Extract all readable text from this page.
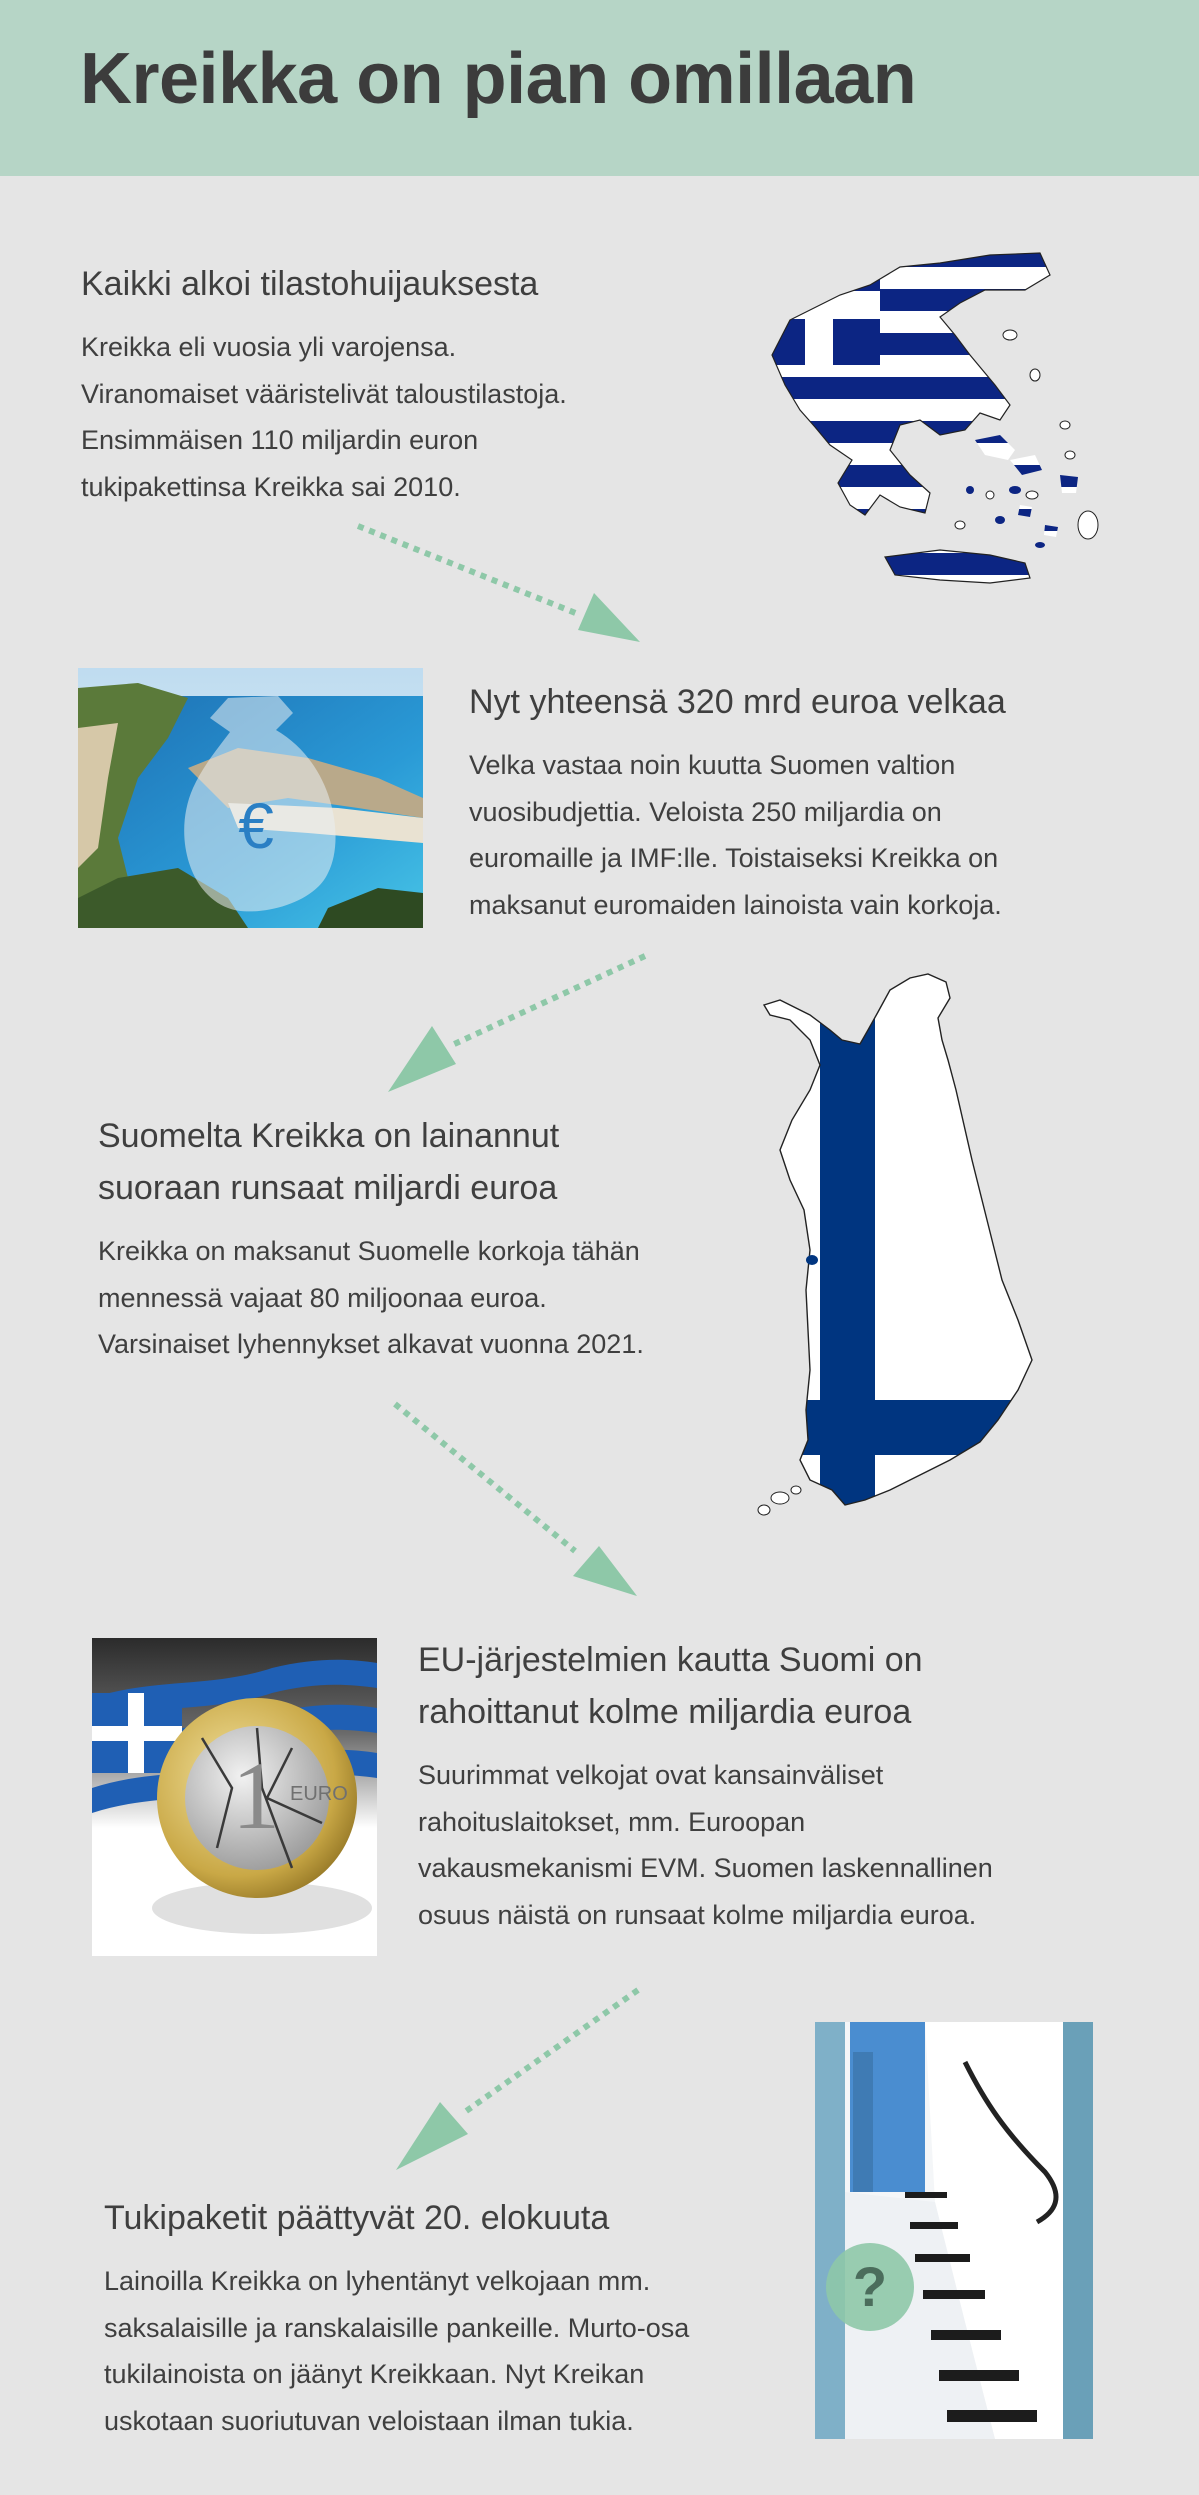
Kreikka on pian omillaan
Kaikki alkoi tilastohuijauksesta

Kreikka eli vuosia yli varojensa.
Viranomaiset vääristelivät taloustilastoja.
Ensimmäisen 110 miljardin euron
tukipakettinsa Kreikka sai 2010.

€
Nyt yhteensä 320 mrd euroa velkaa

Velka vastaa noin kuutta Suomen valtion
vuosibudjettia. Veloista 250 miljardia on
euromaille ja IMF:lle. Toistaiseksi Kreikka on
maksanut euromaiden lainoista vain korkoja.

Suomelta Kreikka on lainannut
suoraan runsaat miljardi euroa

Kreikka on maksanut Suomelle korkoja tähän
mennessä vajaat 80 miljoonaa euroa.
Varsinaiset lyhennykset alkavat vuonna 2021.

1 EURO
EU-järjestelmien kautta Suomi on
rahoittanut kolme miljardia euroa

Suurimmat velkojat ovat kansainväliset
rahoituslaitokset, mm. Euroopan
vakausmekanismi EVM. Suomen laskennallinen
osuus näistä on runsaat kolme miljardia euroa.

?
Tukipaketit päättyvät 20. elokuuta

Lainoilla Kreikka on lyhentänyt velkojaan mm.
saksalaisille ja ranskalaisille pankeille. Murto-osa
tukilainoista on jäänyt Kreikkaan. Nyt Kreikan
uskotaan suoriutuvan veloistaan ilman tukia.
